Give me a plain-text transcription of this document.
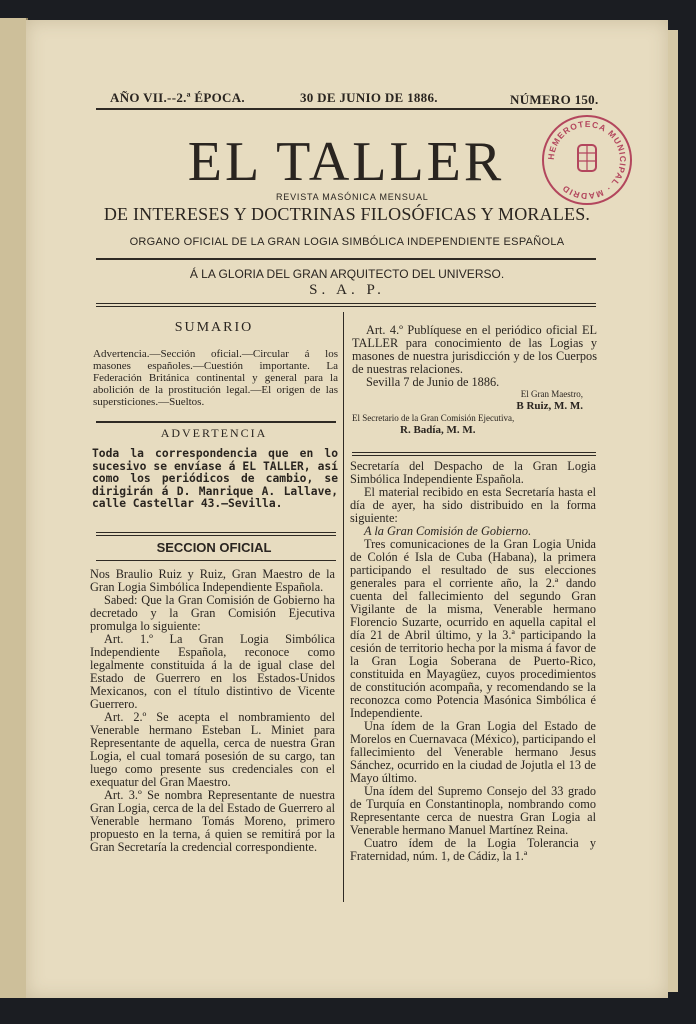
AÑO VII.--2.ª ÉPOCA.	30 DE JUNIO DE 1886.	NÚMERO 150.
EL TALLER
REVISTA MASÓNICA MENSUAL
DE INTERESES Y DOCTRINAS FILOSÓFICAS Y MORALES.
ORGANO OFICIAL DE LA GRAN LOGIA SIMBÓLICA INDEPENDIENTE ESPAÑOLA
Á LA GLORIA DEL GRAN ARQUITECTO DEL UNIVERSO.
S. A. P.
HEMEROTECA MUNICIPAL · MADRID
SUMARIO
Advertencia.—Sección oficial.—Circular á los masones españoles.—Cuestión importante. La Federación Británica continental y general para la abolición de la prostitución legal.—El origen de las supersticiones.—Sueltos.
ADVERTENCIA
Toda la correspondencia que en lo sucesivo se envíase á EL TALLER, así como los periódicos de cambio, se dirigirán á D. Manrique A. Lallave, calle Castellar 43.—Sevilla.
SECCION OFICIAL

Nos Braulio Ruiz y Ruiz, Gran Maestro de la Gran Logia Simbólica Independiente Española.

Sabed: Que la Gran Comisión de Gobierno ha decretado y la Gran Comisión Ejecutiva promulga lo siguiente:

Art. 1.º La Gran Logia Simbólica Independiente Española, reconoce como legalmente constituida á la de igual clase del Estado de Guerrero en los Estados-Unidos Mexicanos, con el título distintivo de Vicente Guerrero.

Art. 2.º Se acepta el nombramiento del Venerable hermano Esteban L. Miniet para Representante de aquella, cerca de nuestra Gran Logia, el cual tomará posesión de su cargo, tan luego como presente sus credenciales con el exequatur del Gran Maestro.

Art. 3.º Se nombra Representante de nuestra Gran Logia, cerca de la del Estado de Guerrero al Venerable hermano Tomás Moreno, primero propuesto en la terna, á quien se remitirá por la Gran Secretaría la credencial correspondiente.

Art. 4.º Publíquese en el periódico oficial EL TALLER para conocimiento de las Logias y masones de nuestra jurisdicción y de los Cuerpos de nuestras relaciones.

Sevilla 7 de Junio de 1886.

El Gran Maestro,

B Ruiz, M. M.

El Secretario de la Gran Comisión Ejecutiva,

R. Badía, M. M.

Secretaría del Despacho de la Gran Logia Simbólica Independiente Española.

El material recibido en esta Secretaría hasta el día de ayer, ha sido distribuido en la forma siguiente:

A la Gran Comisión de Gobierno.

Tres comunicaciones de la Gran Logia Unida de Colón é Isla de Cuba (Habana), la primera participando el resultado de sus elecciones generales para el corriente año, la 2.ª dando cuenta del fallecimiento del segundo Gran Vigilante de la misma, Venerable hermano Florencio Suzarte, ocurrido en aquella capital el día 21 de Abril último, y la 3.ª participando la cesión de territorio hecha por la misma á favor de la Gran Logia Soberana de Puerto-Rico, constituida en Mayagüez, cuyos procedimientos de constitución acompaña, y recomendando se la reconozca como Potencia Masónica Simbólica é Independiente.

Una ídem de la Gran Logia del Estado de Morelos en Cuernavaca (México), participando el fallecimiento del Venerable hermano Jesus Sánchez, ocurrido en la ciudad de Jojutla el 13 de Mayo último.

Una ídem del Supremo Consejo del 33 grado de Turquía en Constantinopla, nombrando como Representante cerca de nuestra Gran Logia al Venerable hermano Manuel Martínez Reina.

Cuatro ídem de la Logia Tolerancia y Fraternidad, núm. 1, de Cádiz, la 1.ª
